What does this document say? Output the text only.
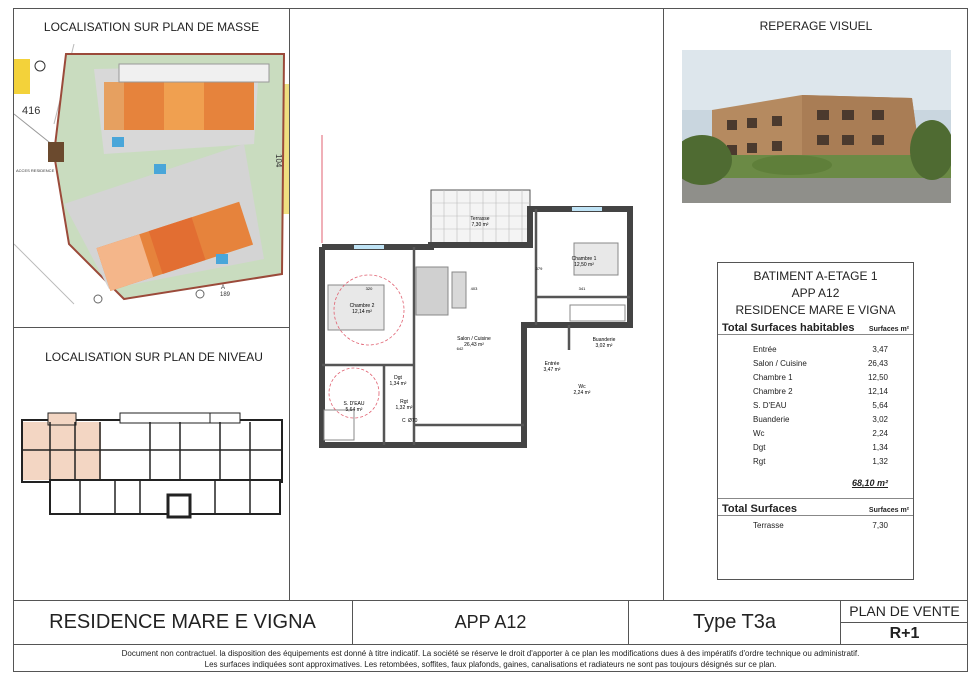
LOCALISATION SUR PLAN DE MASSE
LOCALISATION SUR PLAN DE NIVEAU
REPERAGE VISUEL
416
104
189
A
ACCES RESIDENCE
Terrasse
7,30 m²
Chambre 1
12,50 m²
Chambre 2
12,14 m²
Salon / Cuisine
26,43 m²
Entrée
3,47 m²
Buanderie
3,02 m²
Wc
2,24 m²
Dgt
1,34 m²
Rgt
1,32 m²
S. D'EAU
5,64 m²
403	341
320
379
642
C Ø70
BATIMENT A-ETAGE 1
APP A12
RESIDENCE MARE E VIGNA
Total Surfaces habitables Surfaces m²
Entrée	3,47
Salon / Cuisine	26,43
Chambre 1	12,50
Chambre 2	12,14
S. D'EAU	5,64
Buanderie	3,02
Wc	2,24
Dgt	1,34
Rgt	1,32
68,10 m²
Total Surfaces	Surfaces m²
Terrasse	7,30
RESIDENCE MARE E VIGNA	APP A12	Type T3a	PLAN DE VENTE
R+1
Document non contractuel. la disposition des équipements est donné à titre indicatif. La société se réserve le droit d'apporter à ce plan les modifications dues à des impératifs d'ordre technique ou administratif.
Les surfaces indiquées sont approximatives. Les retombées, soffites, faux plafonds, gaines, canalisations et radiateurs ne sont pas toujours désignés sur ce plan.
